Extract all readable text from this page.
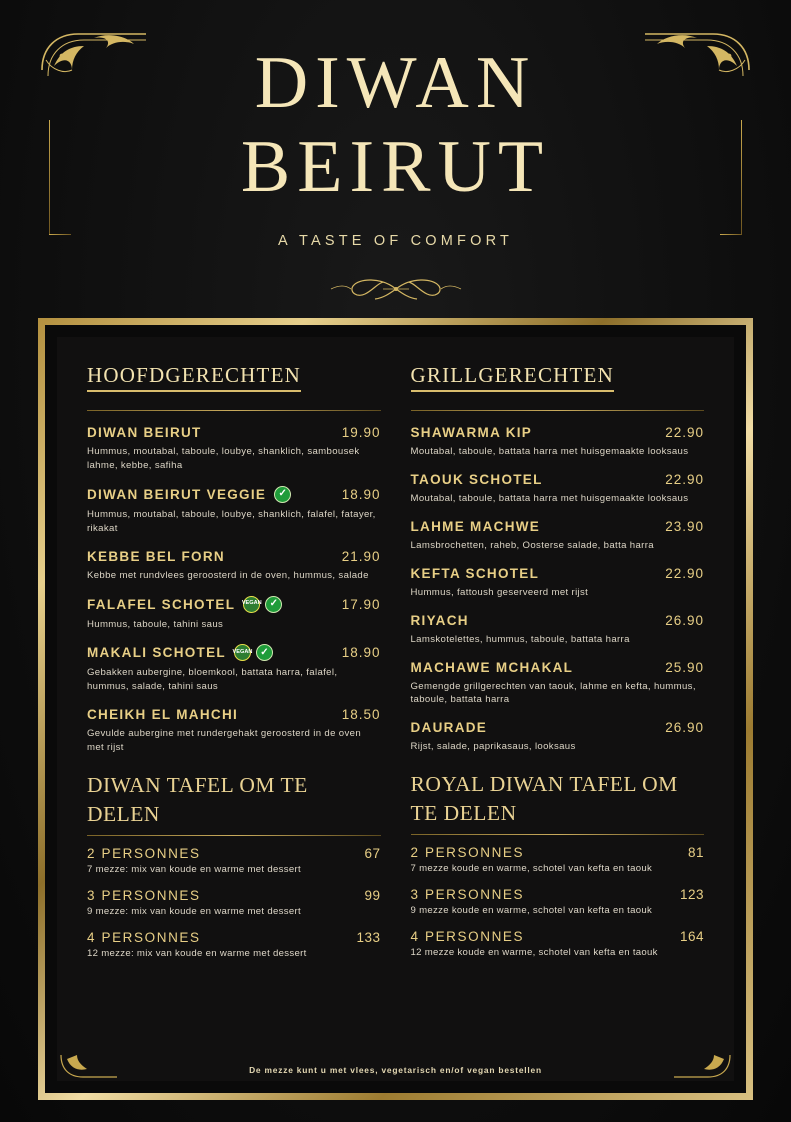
DIWAN
BEIRUT
A TASTE OF COMFORT
HOOFDGERECHTEN
DIWAN BEIRUT	19.90
Hummus, moutabal, taboule, loubye, shanklich, sambousek lahme, kebbe, safiha
DIWAN BEIRUT VEGGIE ✓	18.90
Hummus, moutabal, taboule, loubye, shanklich, falafel, fatayer, rikakat
KEBBE BEL FORN	21.90
Kebbe met rundvlees geroosterd in de oven, hummus, salade
FALAFEL SCHOTEL VEGAN ✓	17.90
Hummus, taboule, tahini saus
MAKALI SCHOTEL VEGAN ✓	18.90
Gebakken aubergine, bloemkool, battata harra, falafel, hummus, salade, tahini saus
CHEIKH EL MAHCHI	18.50
Gevulde aubergine met rundergehakt geroosterd in de oven met rijst
DIWAN TAFEL OM TE DELEN
2 PERSONNES	67
7 mezze: mix van koude en warme met dessert
3 PERSONNES	99
9 mezze: mix van koude en warme met dessert
4 PERSONNES	133
12 mezze: mix van koude en warme met dessert
GRILLGERECHTEN
SHAWARMA KIP	22.90
Moutabal, taboule, battata harra met huisgemaakte looksaus
TAOUK SCHOTEL	22.90
Moutabal, taboule, battata harra met huisgemaakte looksaus
LAHME MACHWE	23.90
Lamsbrochetten, raheb, Oosterse salade, batta harra
KEFTA SCHOTEL	22.90
Hummus, fattoush geserveerd met rijst
RIYACH	26.90
Lamskotelettes, hummus, taboule, battata harra
MACHAWE MCHAKAL	25.90
Gemengde grillgerechten van taouk, lahme en kefta, hummus, taboule, battata harra
DAURADE	26.90
Rijst, salade, paprikasaus, looksaus
ROYAL DIWAN TAFEL OM TE DELEN
2 PERSONNES	81
7 mezze koude en warme, schotel van kefta en taouk
3 PERSONNES	123
9 mezze koude en warme, schotel van kefta en taouk
4 PERSONNES	164
12 mezze koude en warme, schotel van kefta en taouk
De mezze kunt u met vlees, vegetarisch en/of vegan bestellen
